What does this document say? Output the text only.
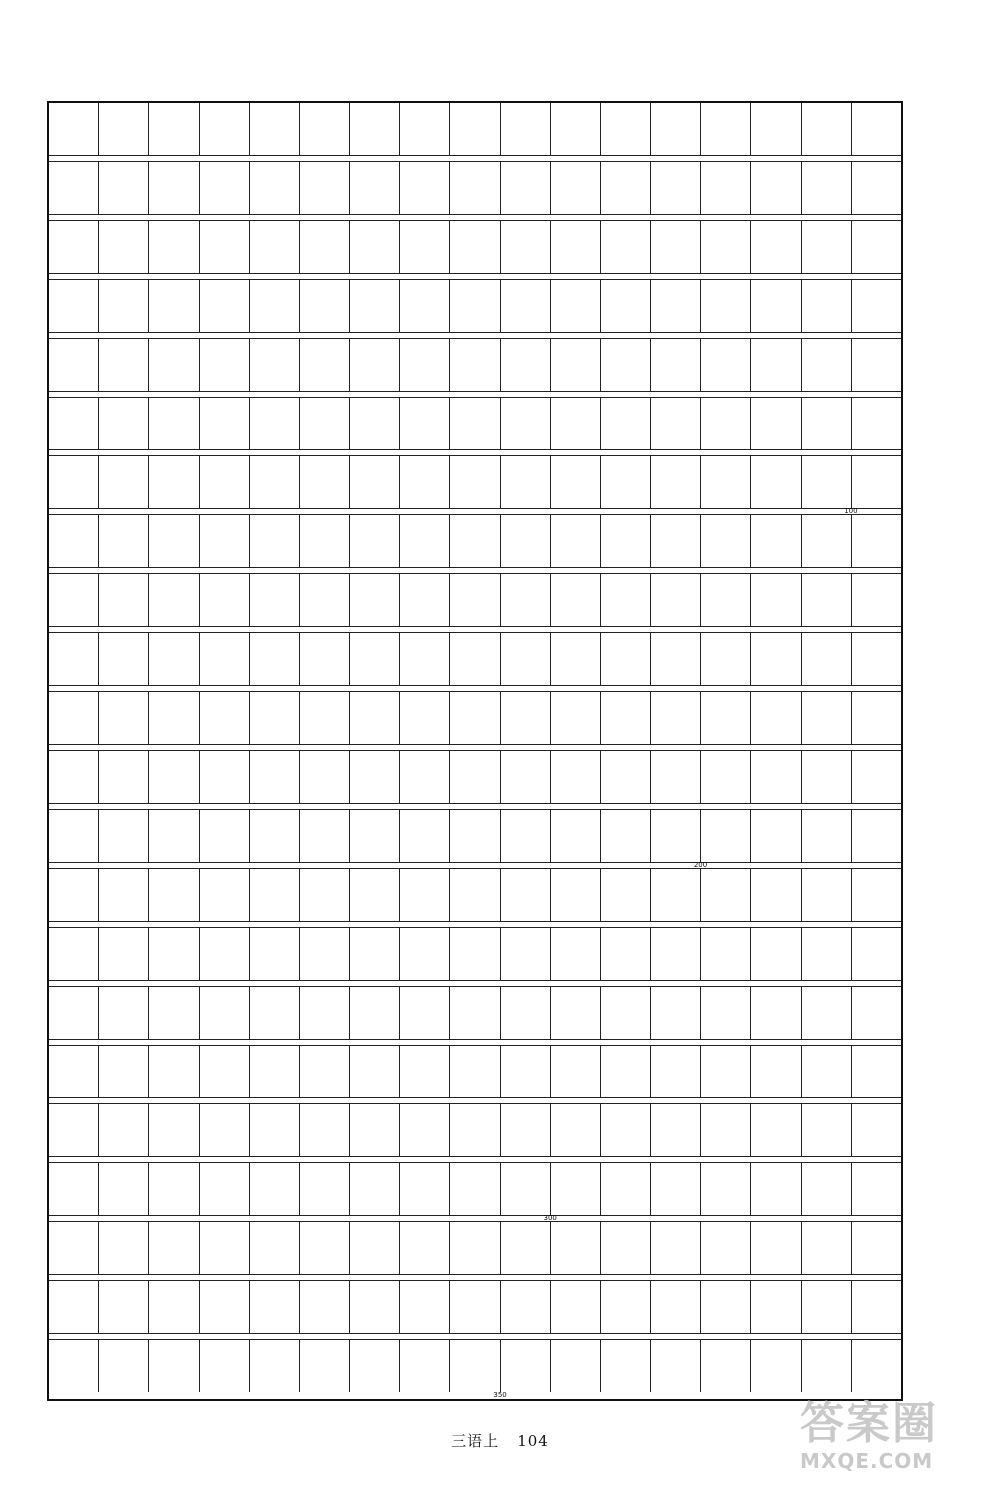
100
200
300
350
三语上 104	答案圈
MXQE.COM
